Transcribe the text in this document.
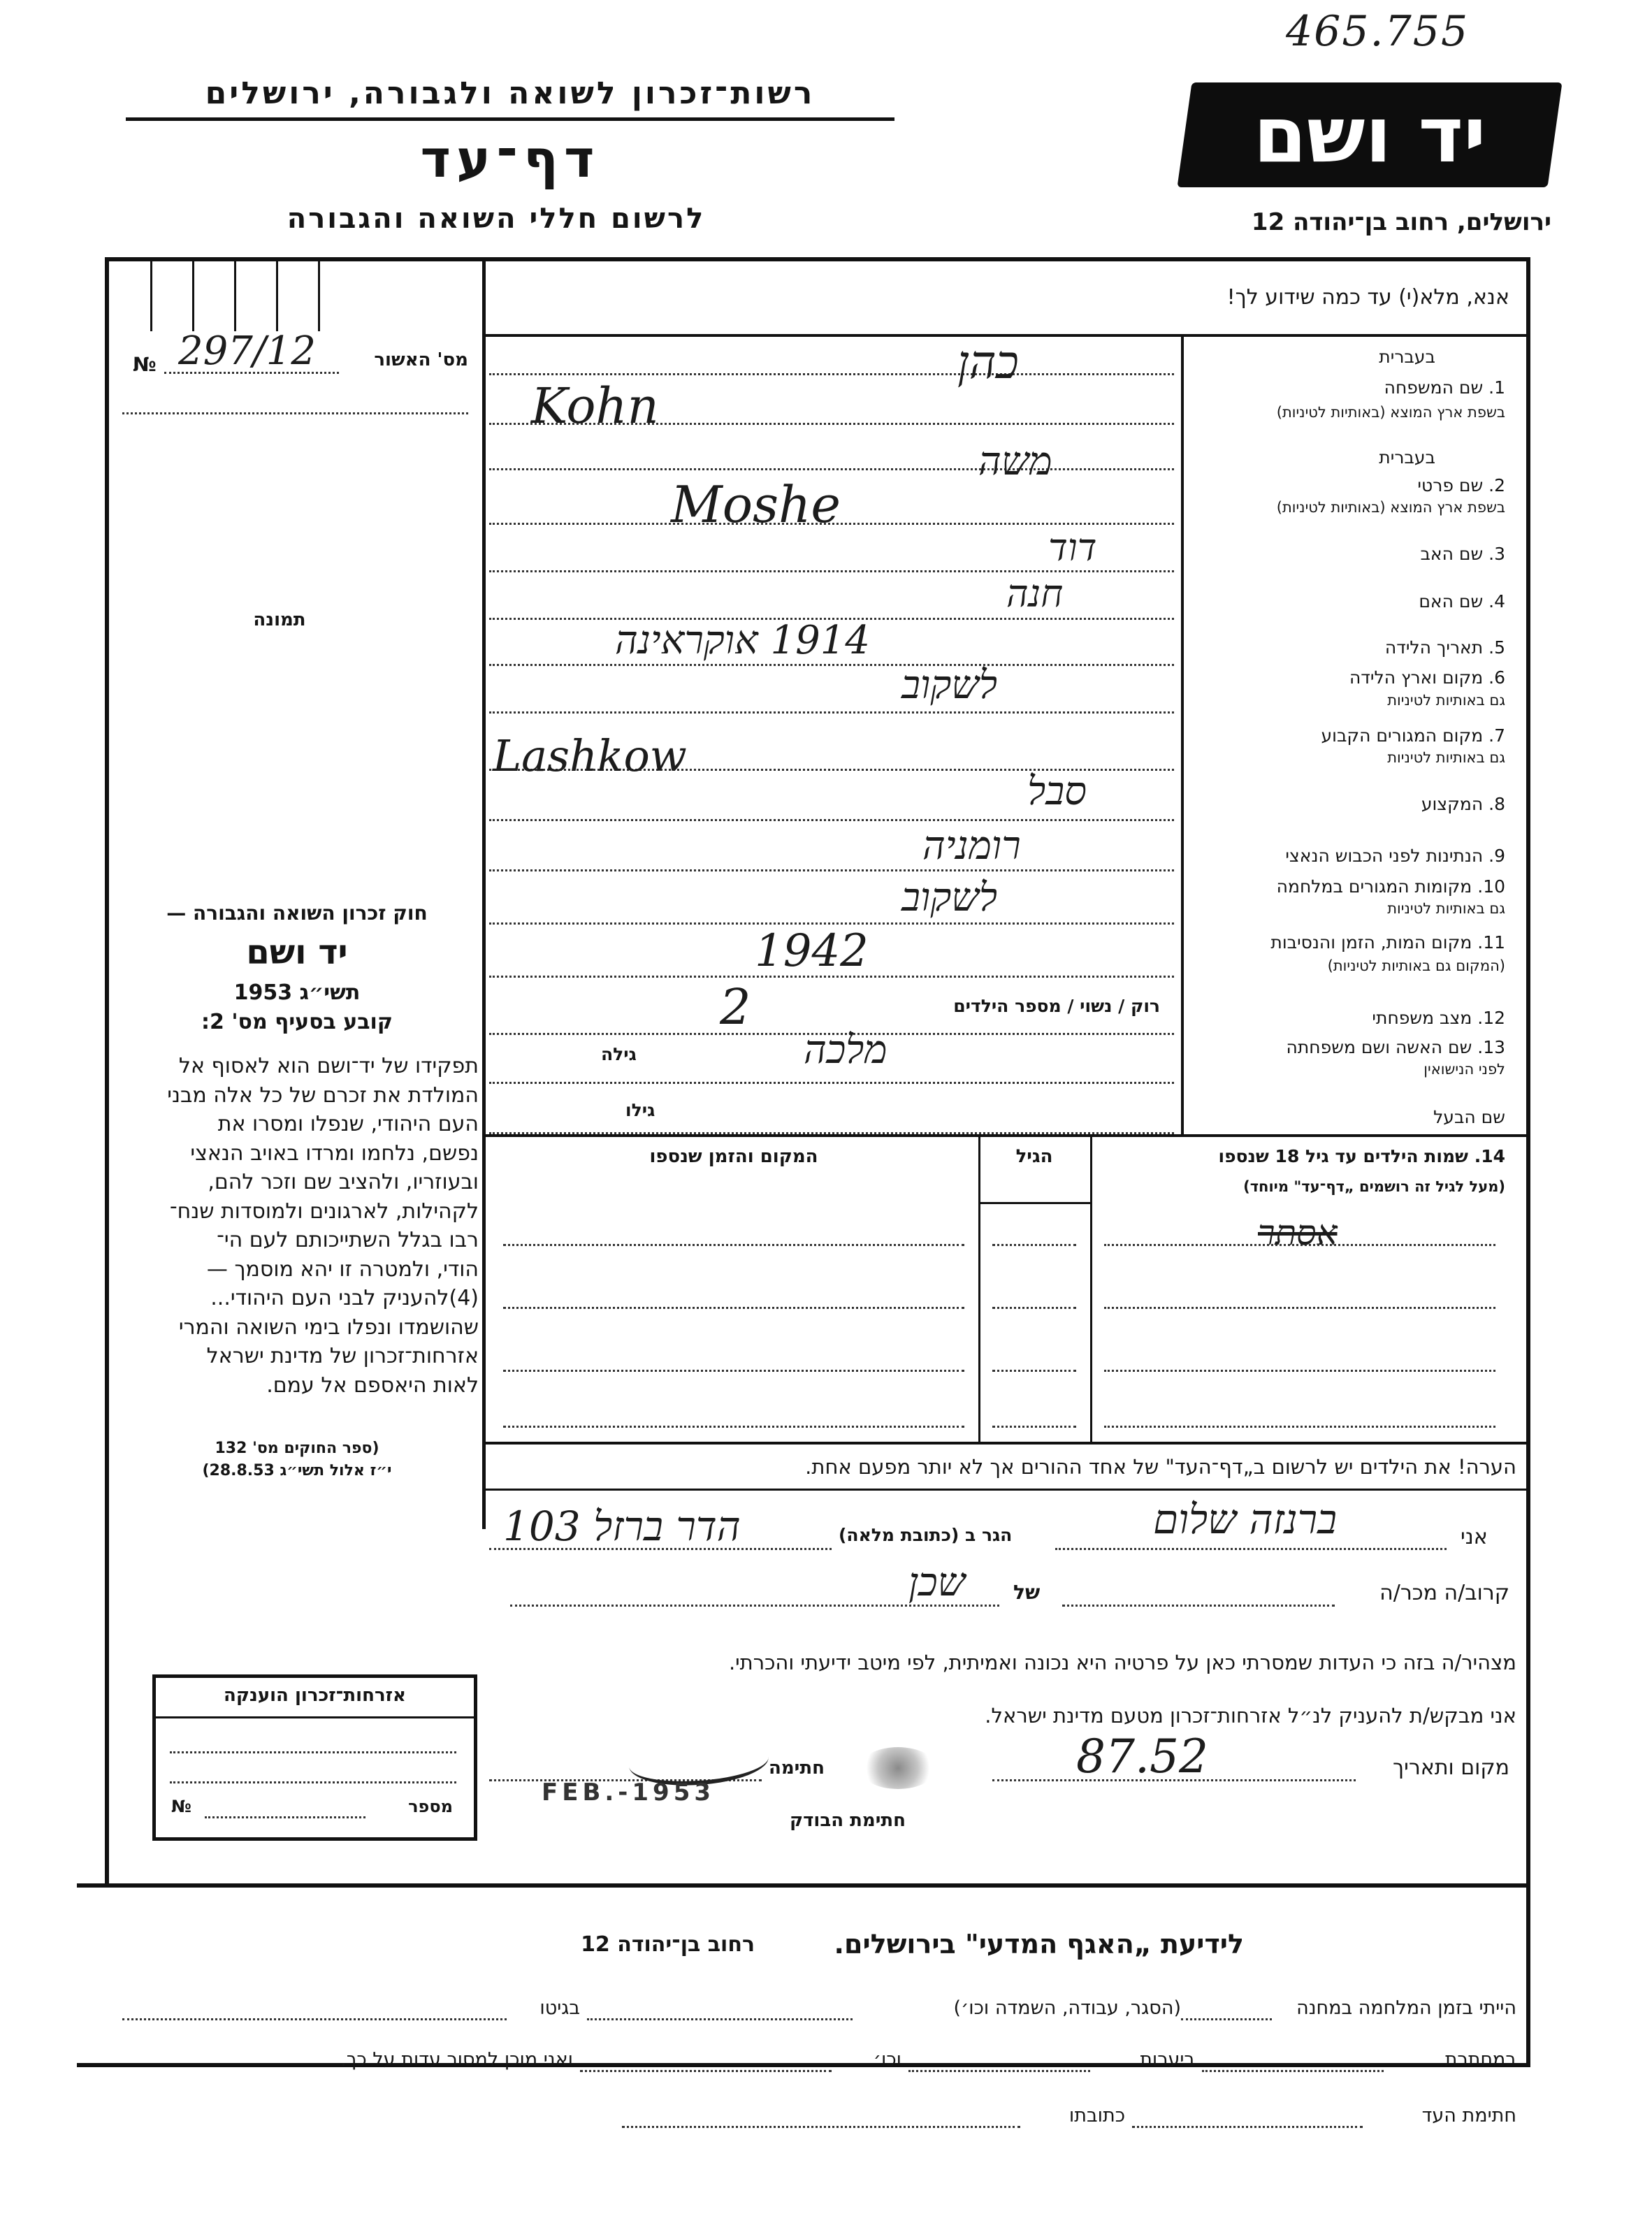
465.755
רשות־זכרון לשואה ולגבורה, ירושלים
דף־עד
לרשום חללי השואה והגבורה
יד ושם
ירושלים, רחוב בן־יהודה 12
אנא, מלא(י) עד כמה שידוע לך!
№ 297/12	מס' האשור
תמונה
חוק זכרון השואה והגבורה —
יד ושם
תשי״ג 1953
קובע בסעיף מס' 2:
תפקידו של יד־ושם הוא לאסוף אל
המולדת את זכרם של כל אלה מבני
העם היהודי, שנפלו ומסרו את
נפשם, נלחמו ומרדו באויב הנאצי
ובעוזריו, ולהציב שם וזכר להם,
לקהילות, לארגונים ולמוסדות שנח־
רבו בגלל השתייכותם לעם הי־
הודי, ולמטרה זו יהא מוסמך —
(4)להעניק לבני העם היהודי...
שהושמדו ונפלו בימי השואה והמרי
אזרחות־זכרון של מדינת ישראל
לאות היאספם אל עמם.
(ספר החוקים מס' 132
י״ז אלול תשי״ג 28.8.53)
בעברית
1. שם המשפחה
בשפת ארץ המוצא (באותיות לטיניות)
בעברית
2. שם פרטי
בשפת ארץ המוצא (באותיות לטיניות)
3. שם האב
4. שם האם
5. תאריך הלידה
6. מקום וארץ הלידה
גם באותיות לטיניות
7. מקום המגורים הקבוע
גם באותיות לטיניות
8. המקצוע
9. הנתינות לפני הכבוש הנאצי
10. מקומות המגורים במלחמה
גם באותיות לטיניות
11. מקום המות, הזמן והנסיבות
(המקום גם באותיות לטיניות)
12. מצב משפחתי
13. שם האשה ושם משפחתה
לפני הנישואין
שם הבעל
כהן
Kohn
משה
Moshe
דוד
חנה
1914 אוקראינה
לשקוב
Lashkow
סבל
רומניה
לשקוב
1942
רוק / נשוי / מספר הילדים
2
מלכה
גילה
גילו
14. שמות הילדים עד גיל 18 שנספו
(מעל לגיל זה רושמים „דף־עד" מיוחד)
הגיל
המקום והזמן שנספו
אסתר
הערה! את הילדים יש לרשום ב„דף־העד" של אחד ההורים אך לא יותר מפעם אחת.
אני
הגר ב (כתובת מלאה)	ברנזה שלום
הדר ברזל 103
קרוב/ה מכר/ה
של
שכן
מצהיר/ה בזה כי העדות שמסרתי כאן על פרטיה היא נכונה ואמיתית, לפי מיטב ידיעתי והכרתי.
אני מבקש/ת להעניק לנ״ל אזרחות־זכרון מטעם מדינת ישראל.
מקום ותאריך
87.52
חתימה
חתימת הבודק
FEB.-1953
אזרחות־זכרון הוענקה
מספר
№
לידיעת „האגף המדעי" בירושלים.
רחוב בן־יהודה 12
הייתי בזמן המלחמה במחנה
(הסגר, עבודה, השמדה וכו׳)
בגיטו
במחתרת
ביערות
וכו׳
ואני מוכן למסור עדות על כך.
חתימת העד
כתובתו
